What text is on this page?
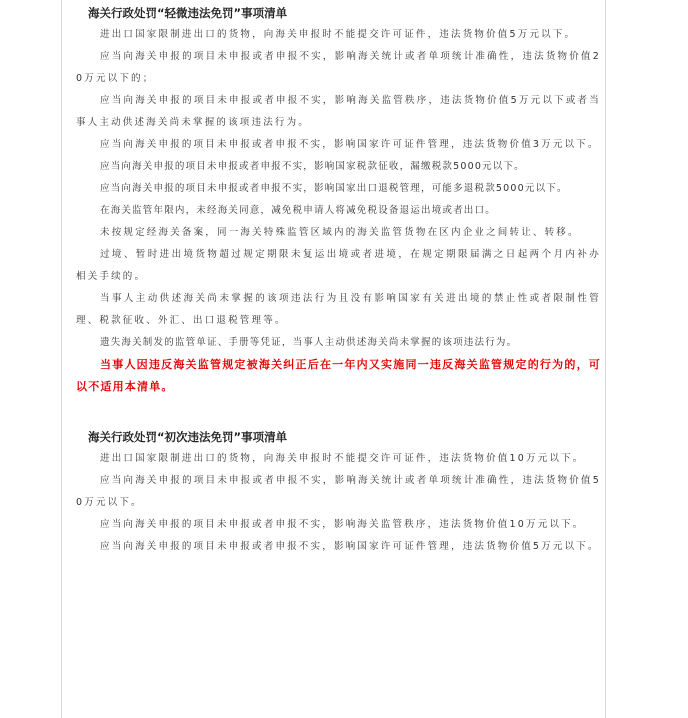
海关行政处罚“轻微违法免罚”事项清单

进出口国家限制进出口的货物，向海关申报时不能提交许可证件，违法货物价值5万元以下。

应当向海关申报的项目未申报或者申报不实，影响海关统计或者单项统计准确性，违法货物价值20万元以下的；

应当向海关申报的项目未申报或者申报不实，影响海关监管秩序，违法货物价值5万元以下或者当事人主动供述海关尚未掌握的该项违法行为。

应当向海关申报的项目未申报或者申报不实，影响国家许可证件管理，违法货物价值3万元以下。

应当向海关申报的项目未申报或者申报不实，影响国家税款征收，漏缴税款5000元以下。

应当向海关申报的项目未申报或者申报不实，影响国家出口退税管理，可能多退税款5000元以下。

在海关监管年限内，未经海关同意，减免税申请人将减免税设备退运出境或者出口。

未按规定经海关备案，同一海关特殊监管区域内的海关监管货物在区内企业之间转让、转移。

过境、暂时进出境货物超过规定期限未复运出境或者进境，在规定期限届满之日起两个月内补办相关手续的。

当事人主动供述海关尚未掌握的该项违法行为且没有影响国家有关进出境的禁止性或者限制性管理、税款征收、外汇、出口退税管理等。

遗失海关制发的监管单证、手册等凭证，当事人主动供述海关尚未掌握的该项违法行为。

当事人因违反海关监管规定被海关纠正后在一年内又实施同一违反海关监管规定的行为的，可以不适用本清单。

海关行政处罚“初次违法免罚”事项清单

进出口国家限制进出口的货物，向海关申报时不能提交许可证件，违法货物价值10万元以下。

应当向海关申报的项目未申报或者申报不实，影响海关统计或者单项统计准确性，违法货物价值50万元以下。

应当向海关申报的项目未申报或者申报不实，影响海关监管秩序，违法货物价值10万元以下。

应当向海关申报的项目未申报或者申报不实，影响国家许可证件管理，违法货物价值5万元以下。
